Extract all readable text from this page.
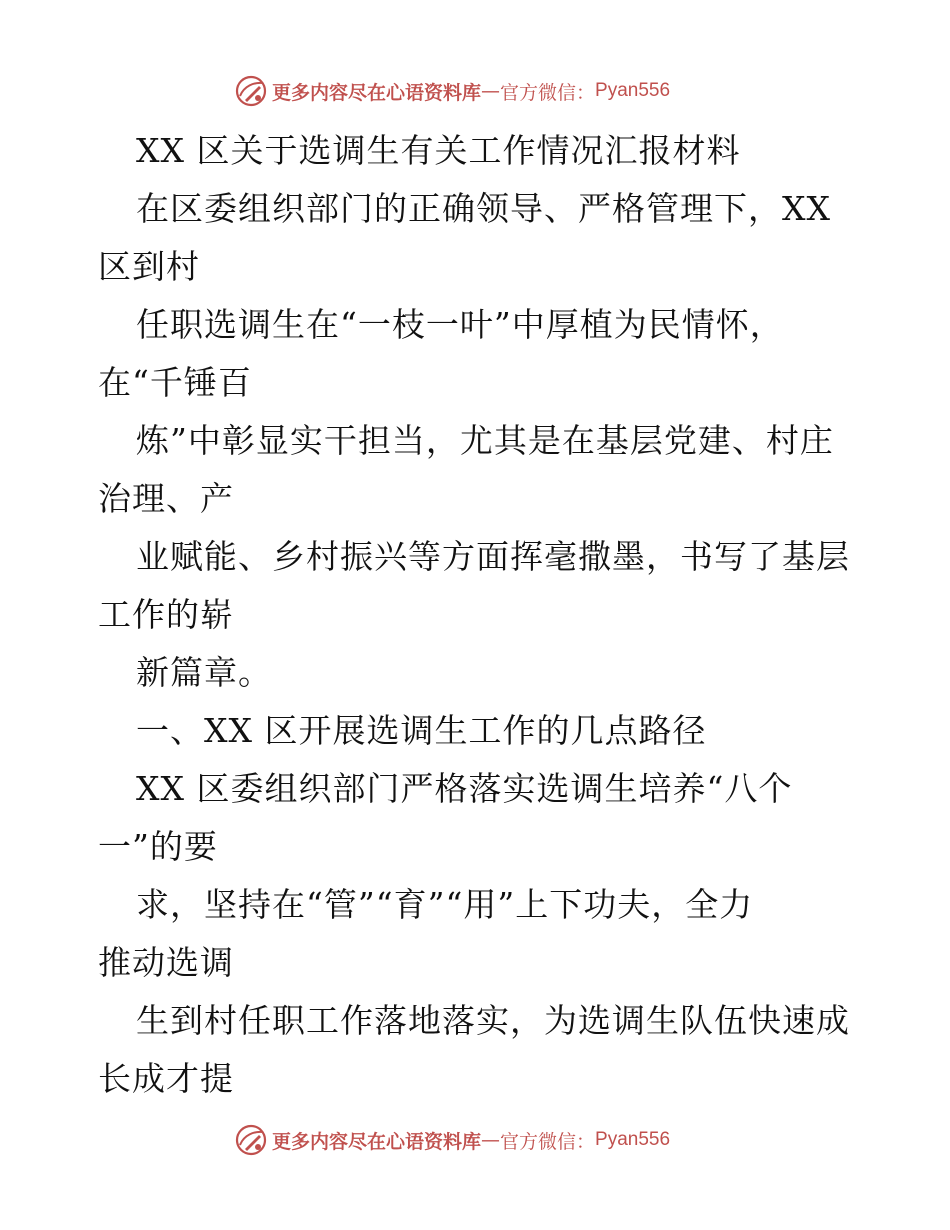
更多内容尽在心语资料库 — 官方微信： Pyan556
XX 区关于选调生有关工作情况汇报材料
在区委组织部门的正确领导、严格管理下，XX
区到村
任职选调生在“一枝一叶”中厚植为民情怀，
在“千锤百
炼”中彰显实干担当，尤其是在基层党建、村庄
治理、产
业赋能、乡村振兴等方面挥毫撒墨，书写了基层
工作的崭
新篇章。
一、XX 区开展选调生工作的几点路径
XX 区委组织部门严格落实选调生培养“八个
一”的要
求，坚持在“管”“育”“用”上下功夫，全力
推动选调
生到村任职工作落地落实，为选调生队伍快速成
长成才提
更多内容尽在心语资料库 — 官方微信： Pyan556
